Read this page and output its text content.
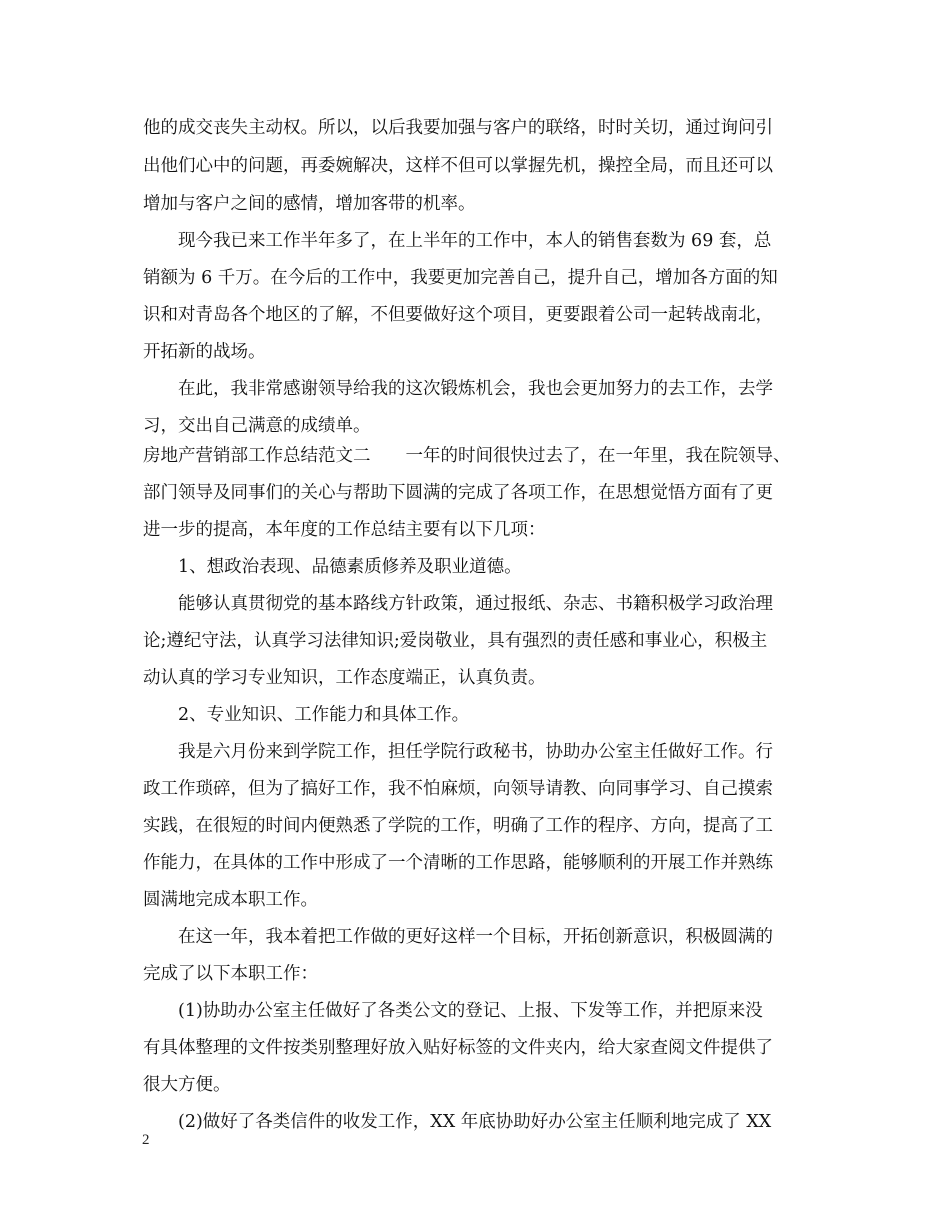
他的成交丧失主动权。所以，以后我要加强与客户的联络，时时关切，通过询问引
出他们心中的问题，再委婉解决，这样不但可以掌握先机，操控全局，而且还可以
增加与客户之间的感情，增加客带的机率。
现今我已来工作半年多了，在上半年的工作中，本人的销售套数为 69 套，总
销额为 6 千万。在今后的工作中，我要更加完善自己，提升自己，增加各方面的知
识和对青岛各个地区的了解，不但要做好这个项目，更要跟着公司一起转战南北，
开拓新的战场。
在此，我非常感谢领导给我的这次锻炼机会，我也会更加努力的去工作，去学
习，交出自己满意的成绩单。
房地产营销部工作总结范文二　　一年的时间很快过去了，在一年里，我在院领导、
部门领导及同事们的关心与帮助下圆满的完成了各项工作，在思想觉悟方面有了更
进一步的提高，本年度的工作总结主要有以下几项：
1、想政治表现、品德素质修养及职业道德。
能够认真贯彻党的基本路线方针政策，通过报纸、杂志、书籍积极学习政治理
论;遵纪守法，认真学习法律知识;爱岗敬业，具有强烈的责任感和事业心，积极主
动认真的学习专业知识，工作态度端正，认真负责。
2、专业知识、工作能力和具体工作。
我是六月份来到学院工作，担任学院行政秘书，协助办公室主任做好工作。行
政工作琐碎，但为了搞好工作，我不怕麻烦，向领导请教、向同事学习、自己摸索
实践，在很短的时间内便熟悉了学院的工作，明确了工作的程序、方向，提高了工
作能力，在具体的工作中形成了一个清晰的工作思路，能够顺利的开展工作并熟练
圆满地完成本职工作。
在这一年，我本着把工作做的更好这样一个目标，开拓创新意识，积极圆满的
完成了以下本职工作：
(1)协助办公室主任做好了各类公文的登记、上报、下发等工作，并把原来没
有具体整理的文件按类别整理好放入贴好标签的文件夹内，给大家查阅文件提供了
很大方便。
(2)做好了各类信件的收发工作，XX 年底协助好办公室主任顺利地完成了 XX
2
